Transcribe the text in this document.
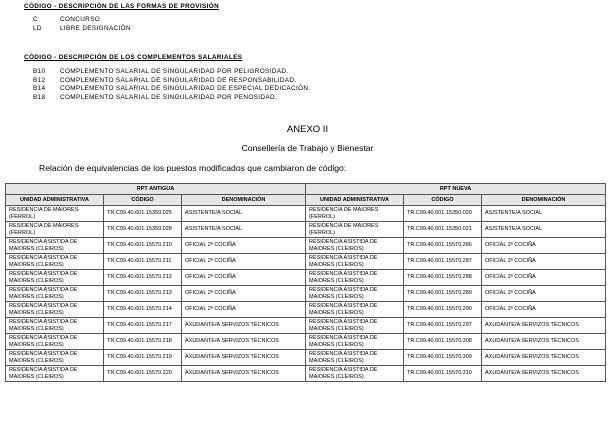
CÓDIGO - DESCRIPCIÓN DE LAS FORMAS DE PROVISIÓN
C	CONCURSO
LD	LIBRE DESIGNACIÓN
CÓDIGO - DESCRIPCIÓN DE LOS COMPLEMENTOS SALARIALES
B10 COMPLEMENTO SALARIAL DE SINGULARIDAD POR PELIGROSIDAD.
B12 COMPLEMENTO SALARIAL DE SINGULARIDAD DE RESPONSABILIDAD.
B14 COMPLEMENTO SALARIAL DE SINGULARIDAD DE ESPECIAL DEDICACIÓN.
B18 COMPLEMENTO SALARIAL DE SINGULARIDAD POR PENOSIDAD.
ANEXO II
Consellería de Trabajo y Bienestar
Relación de equivalencias de los puestos modificados que cambiaron de código:
RPT ANTIGUA			RPT NUEVA		
UNIDAD ADMINISTRATIVA	CÓDIGO	DENOMINACIÓN	UNIDAD ADMINISTRATIVA	CÓDIGO	DENOMINACIÓN
RESIDENCIA DE MAIORES (FERROL)	TR.C99.40.601.15350.025	ASISTENTE/A SOCIAL	RESIDENCIA DE MAIORES (FERROL)	TR.C99.40.601.15350.020	ASISTENTE/A SOCIAL
RESIDENCIA DE MAIORES (FERROL)	TR.C99.40.601.15350.028	ASISTENTE/A SOCIAL	RESIDENCIA DE MAIORES (FERROL)	TR.C99.40.601.15350.021	ASISTENTE/A SOCIAL
RESIDENCIA ASISTIDA DE MAIORES (CLEIROS)	TR.C99.40.601.15570.210	OFICIAL 2ª COCIÑA	RESIDENCIA ASISTIDA DE MAIORES (CLEIROS)	TR.C99.40.601.15570.286	OFICIAL 2ª COCIÑA
RESIDENCIA ASISTIDA DE MAIORES (CLEIROS)	TR.C99.40.601.15570.211	OFICIAL 2ª COCIÑA	RESIDENCIA ASISTIDA DE MAIORES (CLEIROS)	TR.C99.40.601.15570.287	OFICIAL 2ª COCIÑA
RESIDENCIA ASISTIDA DE MAIORES (CLEIROS)	TR.C99.40.601.15570.212	OFICIAL 2ª COCIÑA	RESIDENCIA ASISTIDA DE MAIORES (CLEIROS)	TR.C99.40.601.15570.288	OFICIAL 2ª COCIÑA
RESIDENCIA ASISTIDA DE MAIORES (CLEIROS)	TR.C99.40.601.15570.213	OFICIAL 2ª COCIÑA	RESIDENCIA ASISTIDA DE MAIORES (CLEIROS)	TR.C99.40.601.15570.289	OFICIAL 2ª COCIÑA
RESIDENCIA ASISTIDA DE MAIORES (CLEIROS)	TR.C99.40.601.15570.214	OFICIAL 2ª COCIÑA	RESIDENCIA ASISTIDA DE MAIORES (CLEIROS)	TR.C99.40.601.15570.290	OFICIAL 2ª COCIÑA
RESIDENCIA ASISTIDA DE MAIORES (CLEIROS)	TR.C99.40.601.15570.217	AXUDANTE/A SERVIZOS TÉCNICOS	RESIDENCIA ASISTIDA DE MAIORES (CLEIROS)	TR.C99.40.601.15570.297	AXUDANTE/A SERVIZOS TÉCNICOS
RESIDENCIA ASISTIDA DE MAIORES (CLEIROS)	TR.C99.40.601.15570.218	AXUDANTE/A SERVIZOS TÉCNICOS	RESIDENCIA ASISTIDA DE MAIORES (CLEIROS)	TR.C99.40.601.15570.308	AXUDANTE/A SERVIZOS TÉCNICOS
RESIDENCIA ASISTIDA DE MAIORES (CLEIROS)	TR.C99.40.601.15570.219	AXUDANTE/A SERVIZOS TÉCNICOS	RESIDENCIA ASISTIDA DE MAIORES (CLEIROS)	TR.C99.40.601.15570.309	AXUDANTE/A SERVIZOS TÉCNICOS
RESIDENCIA ASISTIDA DE MAIORES (CLEIROS)	TR.C99.40.601.15570.220	AXUDANTE/A SERVIZOS TÉCNICOS	RESIDENCIA ASISTIDA DE MAIORES (CLEIROS)	TR.C99.40.601.15570.310	AXUDANTE/A SERVIZOS TÉCNICOS
